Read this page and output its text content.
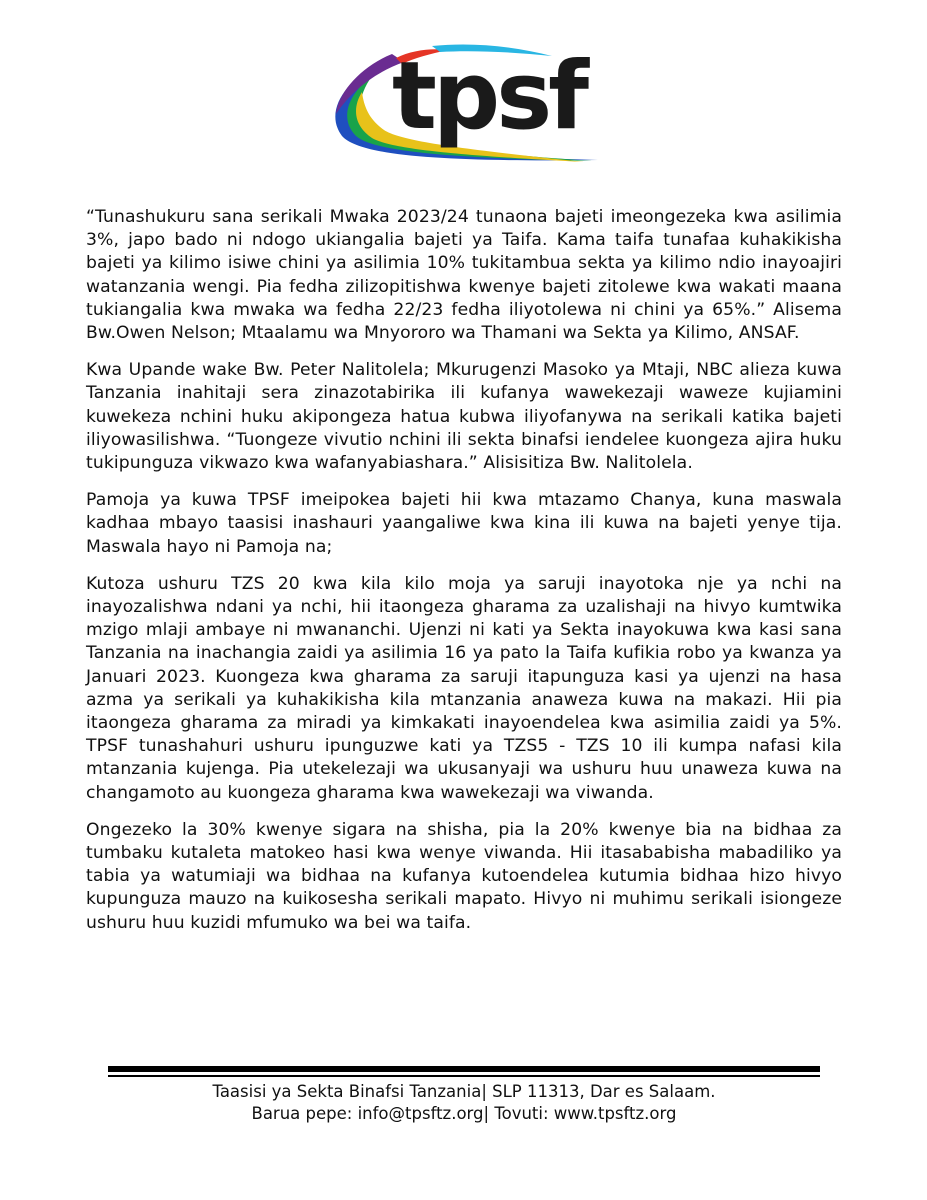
tpsf

“Tunashukuru sana serikali Mwaka 2023/24 tunaona bajeti imeongezeka kwa asilimia 3%, japo bado ni ndogo ukiangalia bajeti ya Taifa. Kama taifa tunafaa kuhakikisha bajeti ya kilimo isiwe chini ya asilimia 10% tukitambua sekta ya kilimo ndio inayoajiri watanzania wengi. Pia fedha zilizopitishwa kwenye bajeti zitolewe kwa wakati maana tukiangalia kwa mwaka wa fedha 22/23 fedha iliyotolewa ni chini ya 65%.” Alisema Bw.Owen Nelson; Mtaalamu wa Mnyororo wa Thamani wa Sekta ya Kilimo, ANSAF.

Kwa Upande wake Bw. Peter Nalitolela; Mkurugenzi Masoko ya Mtaji, NBC alieza kuwa Tanzania inahitaji sera zinazotabirika ili kufanya wawekezaji waweze kujiamini kuwekeza nchini huku akipongeza hatua kubwa iliyofanywa na serikali katika bajeti iliyowasilishwa. “Tuongeze vivutio nchini ili sekta binafsi iendelee kuongeza ajira huku tukipunguza vikwazo kwa wafanyabiashara.” Alisisitiza Bw. Nalitolela.

Pamoja ya kuwa TPSF imeipokea bajeti hii kwa mtazamo Chanya, kuna maswala kadhaa mbayo taasisi inashauri yaangaliwe kwa kina ili kuwa na bajeti yenye tija. Maswala hayo ni Pamoja na;

Kutoza ushuru TZS 20 kwa kila kilo moja ya saruji inayotoka nje ya nchi na inayozalishwa ndani ya nchi, hii itaongeza gharama za uzalishaji na hivyo kumtwika mzigo mlaji ambaye ni mwananchi. Ujenzi ni kati ya Sekta inayokuwa kwa kasi sana Tanzania na inachangia zaidi ya asilimia 16 ya pato la Taifa kufikia robo ya kwanza ya Januari 2023. Kuongeza kwa gharama za saruji itapunguza kasi ya ujenzi na hasa azma ya serikali ya kuhakikisha kila mtanzania anaweza kuwa na makazi. Hii pia itaongeza gharama za miradi ya kimkakati inayoendelea kwa asimilia zaidi ya 5%. TPSF tunashahuri ushuru ipunguzwe kati ya TZS5 - TZS 10 ili kumpa nafasi kila mtanzania kujenga. Pia utekelezaji wa ukusanyaji wa ushuru huu unaweza kuwa na changamoto au kuongeza gharama kwa wawekezaji wa viwanda.

Ongezeko la 30% kwenye sigara na shisha, pia la 20% kwenye bia na bidhaa za tumbaku kutaleta matokeo hasi kwa wenye viwanda. Hii itasababisha mabadiliko ya tabia ya watumiaji wa bidhaa na kufanya kutoendelea kutumia bidhaa hizo hivyo kupunguza mauzo na kuikosesha serikali mapato. Hivyo ni muhimu serikali isiongeze ushuru huu kuzidi mfumuko wa bei wa taifa.

Taasisi ya Sekta Binafsi Tanzania| SLP 11313, Dar es Salaam.
Barua pepe: info@tpsftz.org| Tovuti: www.tpsftz.org
